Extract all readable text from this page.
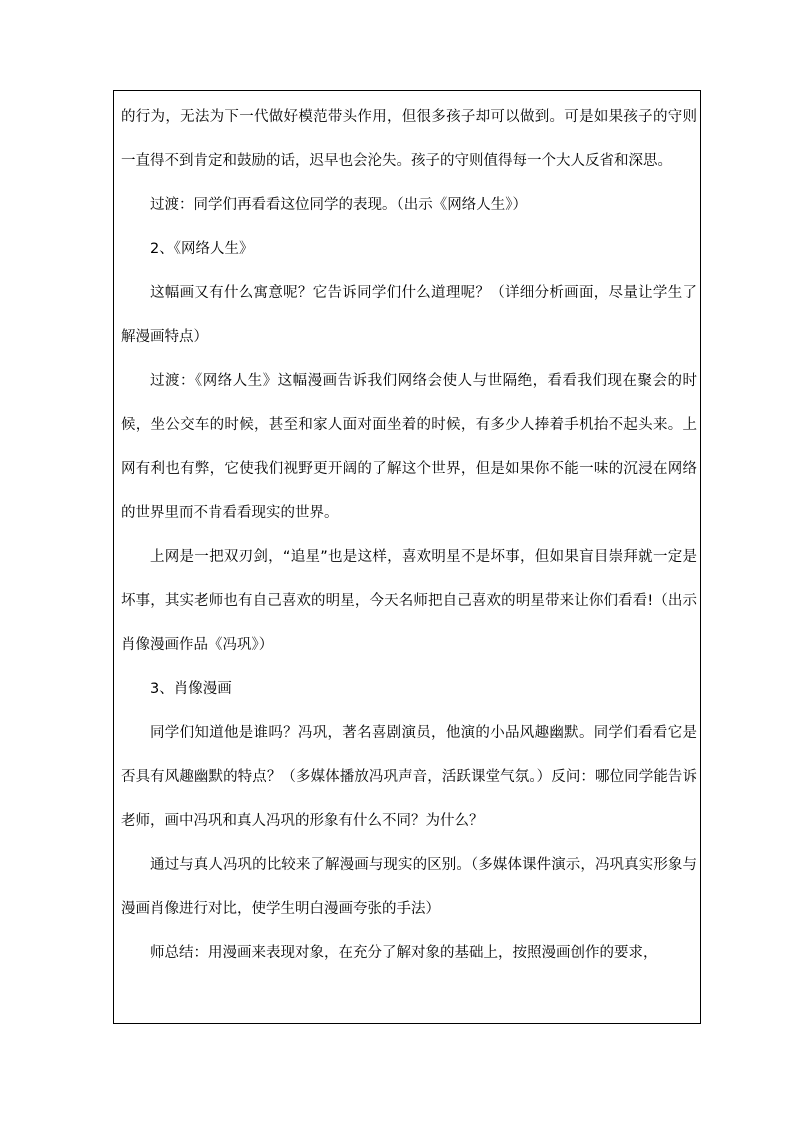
的行为，无法为下一代做好模范带头作用，但很多孩子却可以做到。可是如果孩子的守则一直得不到肯定和鼓励的话，迟早也会沦失。孩子的守则值得每一个大人反省和深思。

过渡：同学们再看看这位同学的表现。（出示《网络人生》）

2、《网络人生》

这幅画又有什么寓意呢？它告诉同学们什么道理呢？（详细分析画面，尽量让学生了解漫画特点）

过渡：《网络人生》这幅漫画告诉我们网络会使人与世隔绝，看看我们现在聚会的时候，坐公交车的时候，甚至和家人面对面坐着的时候，有多少人捧着手机抬不起头来。上网有利也有弊，它使我们视野更开阔的了解这个世界，但是如果你不能一味的沉浸在网络的世界里而不肯看看现实的世界。

上网是一把双刃剑，“追星”也是这样，喜欢明星不是坏事，但如果盲目崇拜就一定是坏事，其实老师也有自己喜欢的明星，今天名师把自己喜欢的明星带来让你们看看!（出示肖像漫画作品《冯巩》）

3、肖像漫画

同学们知道他是谁吗？冯巩，著名喜剧演员，他演的小品风趣幽默。同学们看看它是否具有风趣幽默的特点？（多媒体播放冯巩声音，活跃课堂气氛。）反问：哪位同学能告诉老师，画中冯巩和真人冯巩的形象有什么不同？为什么？

通过与真人冯巩的比较来了解漫画与现实的区别。（多媒体课件演示，冯巩真实形象与漫画肖像进行对比，使学生明白漫画夸张的手法）

师总结：用漫画来表现对象，在充分了解对象的基础上，按照漫画创作的要求，
